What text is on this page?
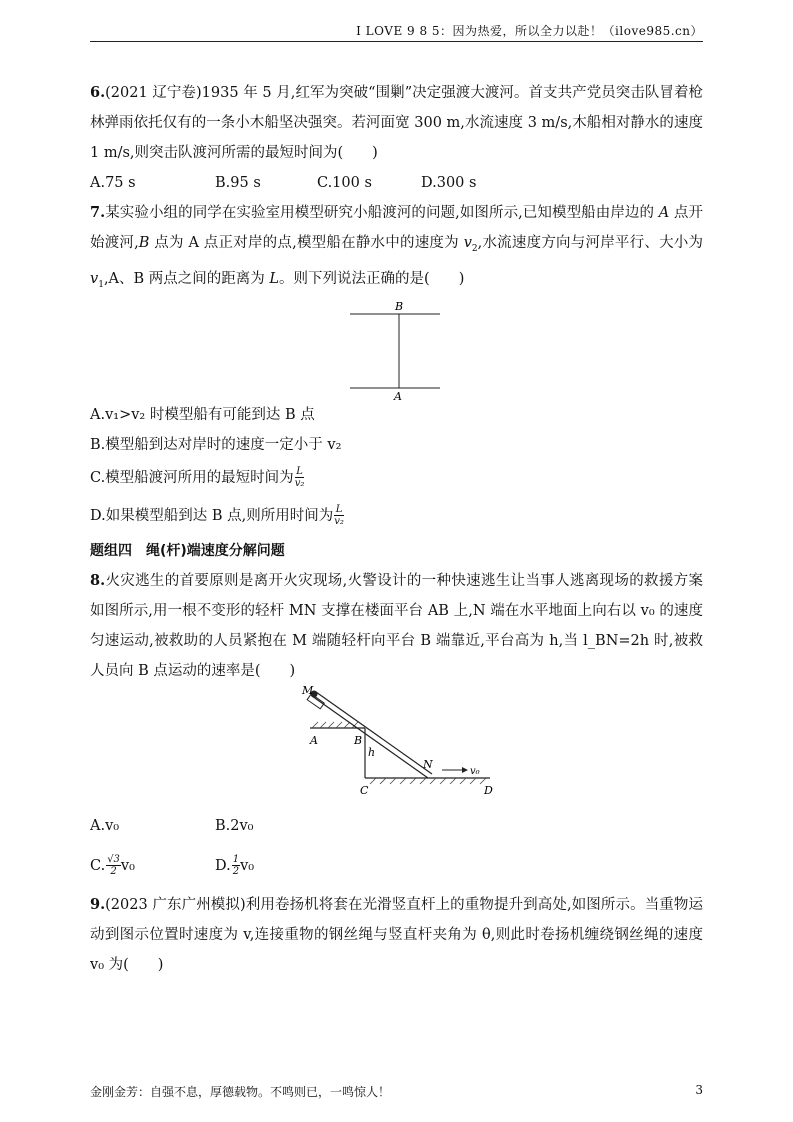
I LOVE 9 8 5：因为热爱，所以全力以赴！（ilove985.cn）

6.(2021 辽宁卷)1935 年 5 月,红军为突破“围剿”决定强渡大渡河。首支共产党员突击队冒着枪林弹雨依托仅有的一条小木船坚决强突。若河面宽 300 m,水流速度 3 m/s,木船相对静水的速度 1 m/s,则突击队渡河所需的最短时间为(　　)

A.75 s	B.95 s	C.100 s	D.300 s

7.某实验小组的同学在实验室用模型研究小船渡河的问题,如图所示,已知模型船由岸边的 A 点开始渡河,B 点为 A 点正对岸的点,模型船在静水中的速度为 $v_2$,水流速度方向与河岸平行、大小为 $v_1,A$、B 两点之间的距离为 L。则下列说法正确的是(　　)

B
A
A.v₁>v₂ 时模型船有可能到达 B 点
B.模型船到达对岸时的速度一定小于 v₂
C.模型船渡河所用的最短时间为 $\frac{L}{\text{v₂}}$
D.如果模型船到达 B 点,则所用时间为 $\frac{L}{\text{v₂}}$
题组四　绳(杆)端速度分解问题

8.火灾逃生的首要原则是离开火灾现场,火警设计的一种快速逃生让当事人逃离现场的救援方案如图所示,用一根不变形的轻杆 MN 支撑在楼面平台 AB 上,N 端在水平地面上向右以 v₀ 的速度匀速运动,被救助的人员紧抱在 M 端随轻杆向平台 B 端靠近,平台高为 h,当 l_BN=2h 时,被救人员向 B 点运动的速率是(　　)

M
A	B
h
N
v₀
C	D
A.v₀	B.2v₀
C. $\frac{√3}{2} v_0$	D. $\frac{1}{2} v_0$

9.(2023 广东广州模拟)利用卷扬机将套在光滑竖直杆上的重物提升到高处,如图所示。当重物运动到图示位置时速度为 v,连接重物的钢丝绳与竖直杆夹角为 θ,则此时卷扬机缠绕钢丝绳的速度 v₀ 为(　　)

金刚金芳：自强不息，厚德载物。不鸣则已，一鸣惊人！	3
